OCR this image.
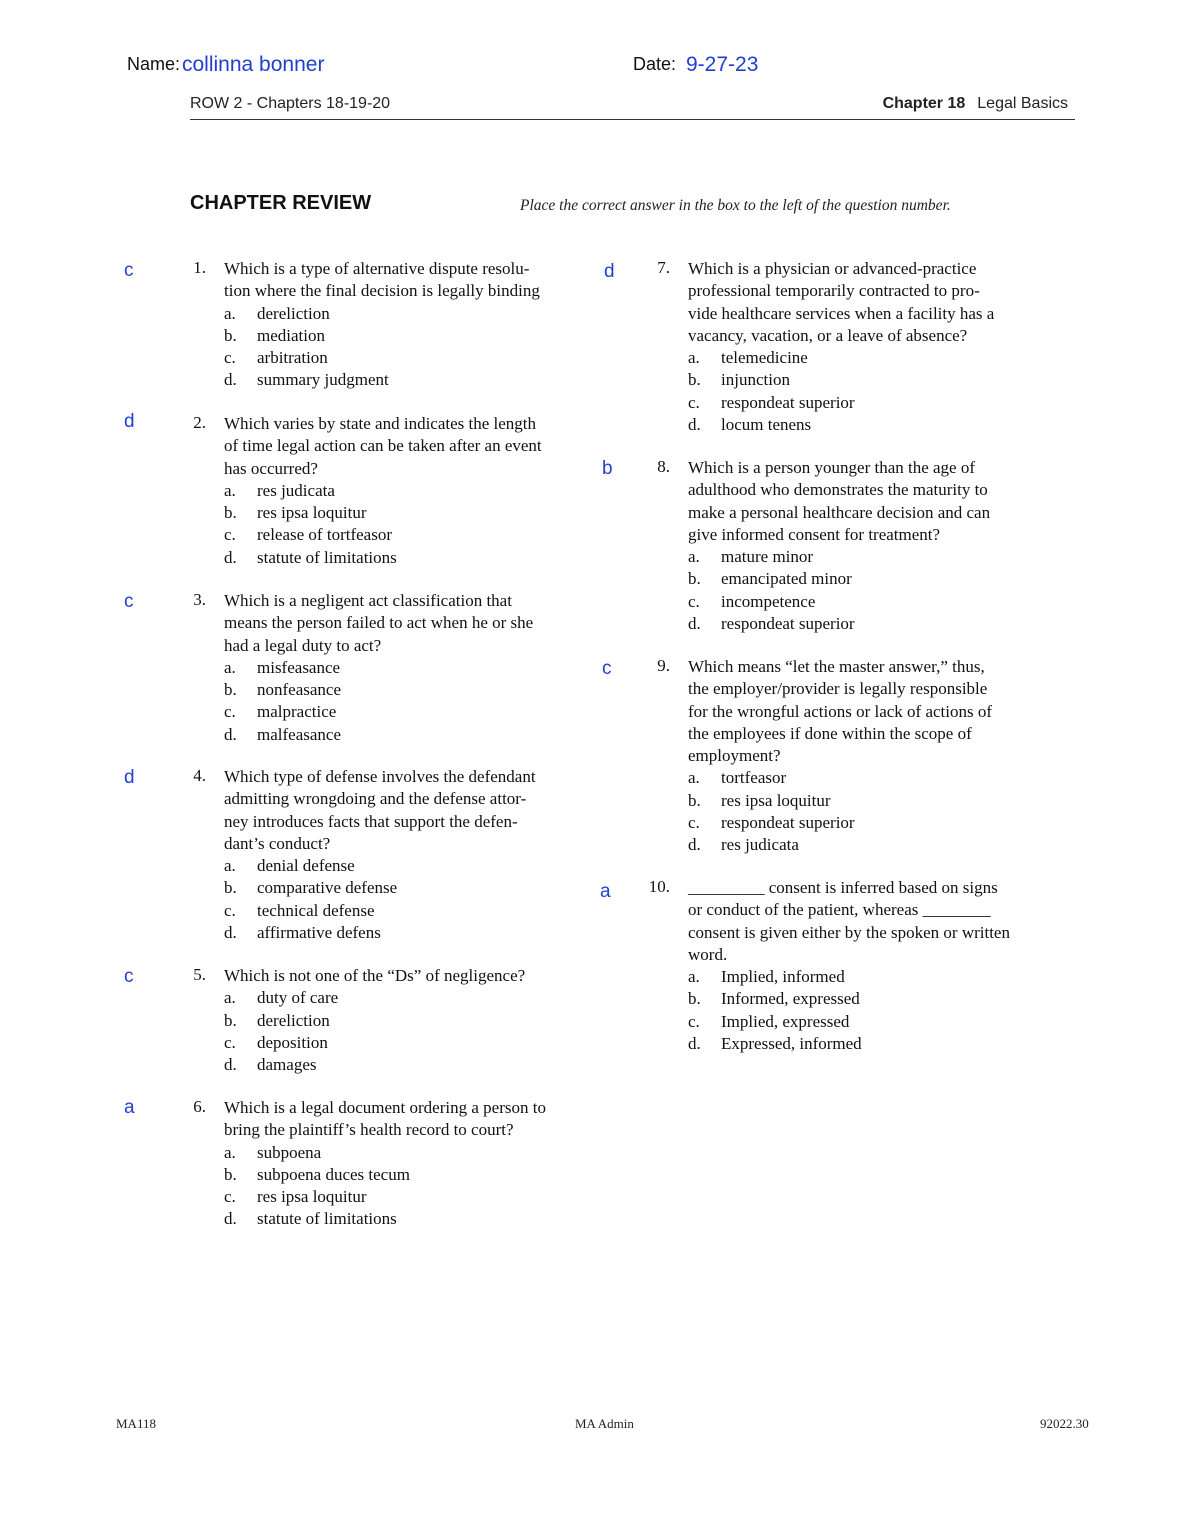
Name: collinna bonner	Date: 9-27-23
ROW 2 - Chapters 18-19-20	Chapter 18 Legal Basics
CHAPTER REVIEW	Place the correct answer in the box to the left of the question number.
c	1. Which is a type of alternative dispute resolu-
tion where the final decision is legally binding
a. dereliction
b. mediation
c. arbitration
d. summary judgment
d	2. Which varies by state and indicates the length
of time legal action can be taken after an event
has occurred?
a. res judicata
b. res ipsa loquitur
c. release of tortfeasor
d. statute of limitations
c	3. Which is a negligent act classification that
means the person failed to act when he or she
had a legal duty to act?
a. misfeasance
b. nonfeasance
c. malpractice
d. malfeasance
d	4. Which type of defense involves the defendant
admitting wrongdoing and the defense attor-
ney introduces facts that support the defen-
dant’s conduct?
a. denial defense
b. comparative defense
c. technical defense
d. affirmative defens
c	5. Which is not one of the “Ds” of negligence?
a. duty of care
b. dereliction
c. deposition
d. damages
a	6. Which is a legal document ordering a person to
bring the plaintiff’s health record to court?
a. subpoena
b. subpoena duces tecum
c. res ipsa loquitur
d. statute of limitations
d	7. Which is a physician or advanced-practice
professional temporarily contracted to pro-
vide healthcare services when a facility has a
vacancy, vacation, or a leave of absence?
a. telemedicine
b. injunction
c. respondeat superior
d. locum tenens
b	8. Which is a person younger than the age of
adulthood who demonstrates the maturity to
make a personal healthcare decision and can
give informed consent for treatment?
a. mature minor
b. emancipated minor
c. incompetence
d. respondeat superior
c	9. Which means “let the master answer,” thus,
the employer/provider is legally responsible
for the wrongful actions or lack of actions of
the employees if done within the scope of
employment?
a. tortfeasor
b. res ipsa loquitur
c. respondeat superior
d. res judicata
a	10. _________ consent is inferred based on signs
or conduct of the patient, whereas ________
consent is given either by the spoken or written
word.
a. Implied, informed
b. Informed, expressed
c. Implied, expressed
d. Expressed, informed
MA118	MA Admin	92022.30
